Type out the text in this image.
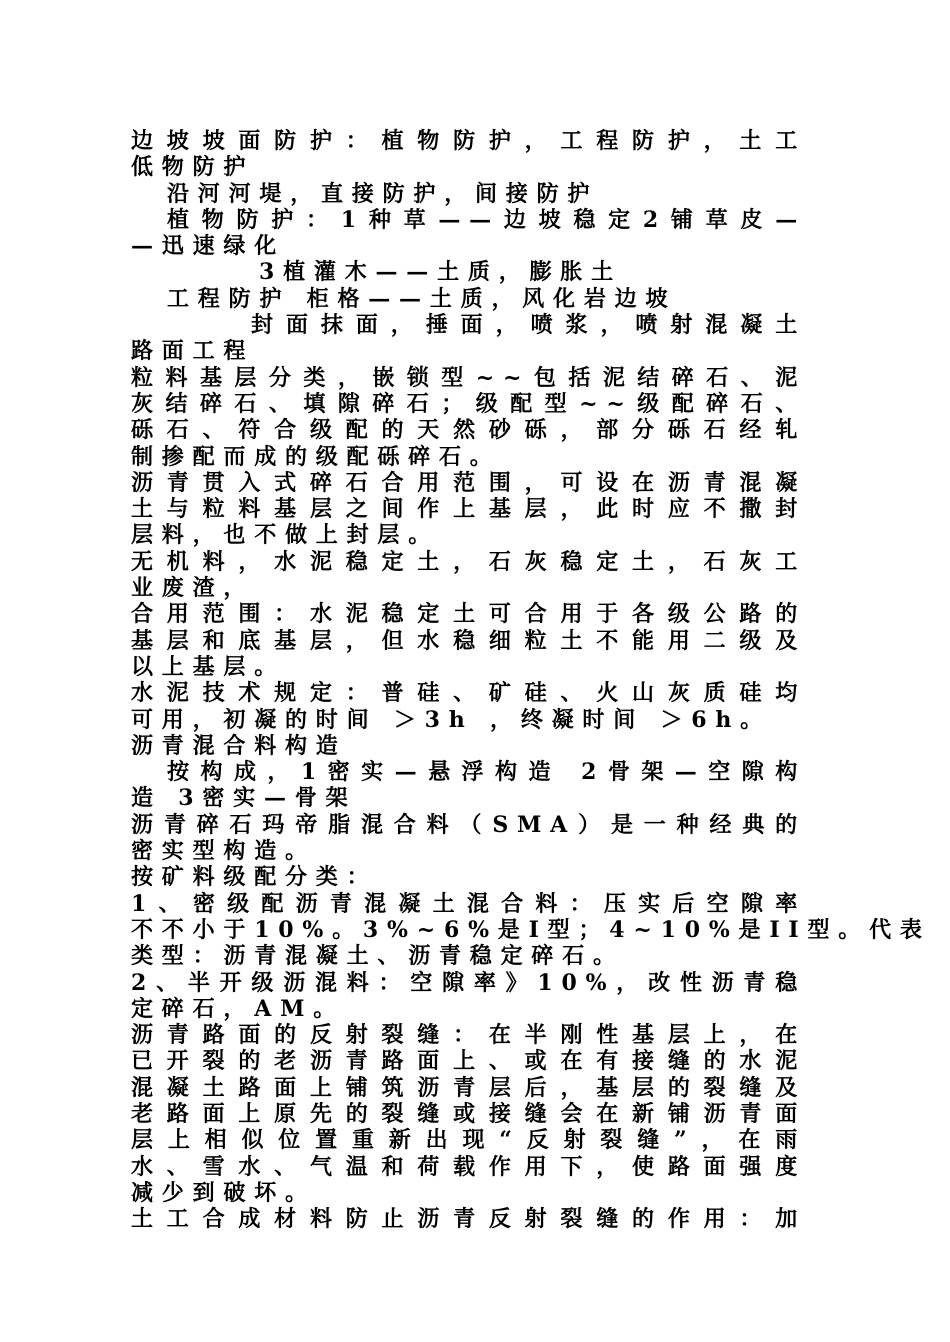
边坡坡面防护：植物防护，工程防护，土工
低物防护
沿河河堤，直接防护，间接防护
植物防护：1种草——边坡稳定2铺草皮—
—迅速绿化
3植灌木——土质，膨胀土
工程防护 柜格——土质，风化岩边坡
封面抹面，捶面，喷浆，喷射混凝土
路面工程
粒料基层分类，嵌锁型~~包括泥结碎石、泥
灰结碎石、填隙碎石；级配型~~级配碎石、
砾石、符合级配的天然砂砾，部分砾石经轧
制掺配而成的级配砾碎石。
沥青贯入式碎石合用范围，可设在沥青混凝
土与粒料基层之间作上基层，此时应不撒封
层料，也不做上封层。
无机料，水泥稳定土，石灰稳定土，石灰工
业废渣，
合用范围：水泥稳定土可合用于各级公路的
基层和底基层，但水稳细粒土不能用二级及
以上基层。
水泥技术规定：普硅、矿硅、火山灰质硅均
可用，初凝的时间 ＞3h ，终凝时间 ＞6h。
沥青混合料构造
按构成，1密实—悬浮构造 2骨架—空隙构
造 3密实—骨架
沥青碎石玛帝脂混合料（SMA）是一种经典的
密实型构造。
按矿料级配分类：
1、密级配沥青混凝土混合料：压实后空隙率
不不小于10%。3%~6%是I型；4~10%是II型。代表
类型：沥青混凝土、沥青稳定碎石。
2、半开级沥混料：空隙率》10%，改性沥青稳
定碎石，AM。
沥青路面的反射裂缝：在半刚性基层上，在
已开裂的老沥青路面上、或在有接缝的水泥
混凝土路面上铺筑沥青层后，基层的裂缝及
老路面上原先的裂缝或接缝会在新铺沥青面
层上相似位置重新出现“反射裂缝”，在雨
水、雪水、气温和荷载作用下，使路面强度
减少到破坏。
土工合成材料防止沥青反射裂缝的作用：加
